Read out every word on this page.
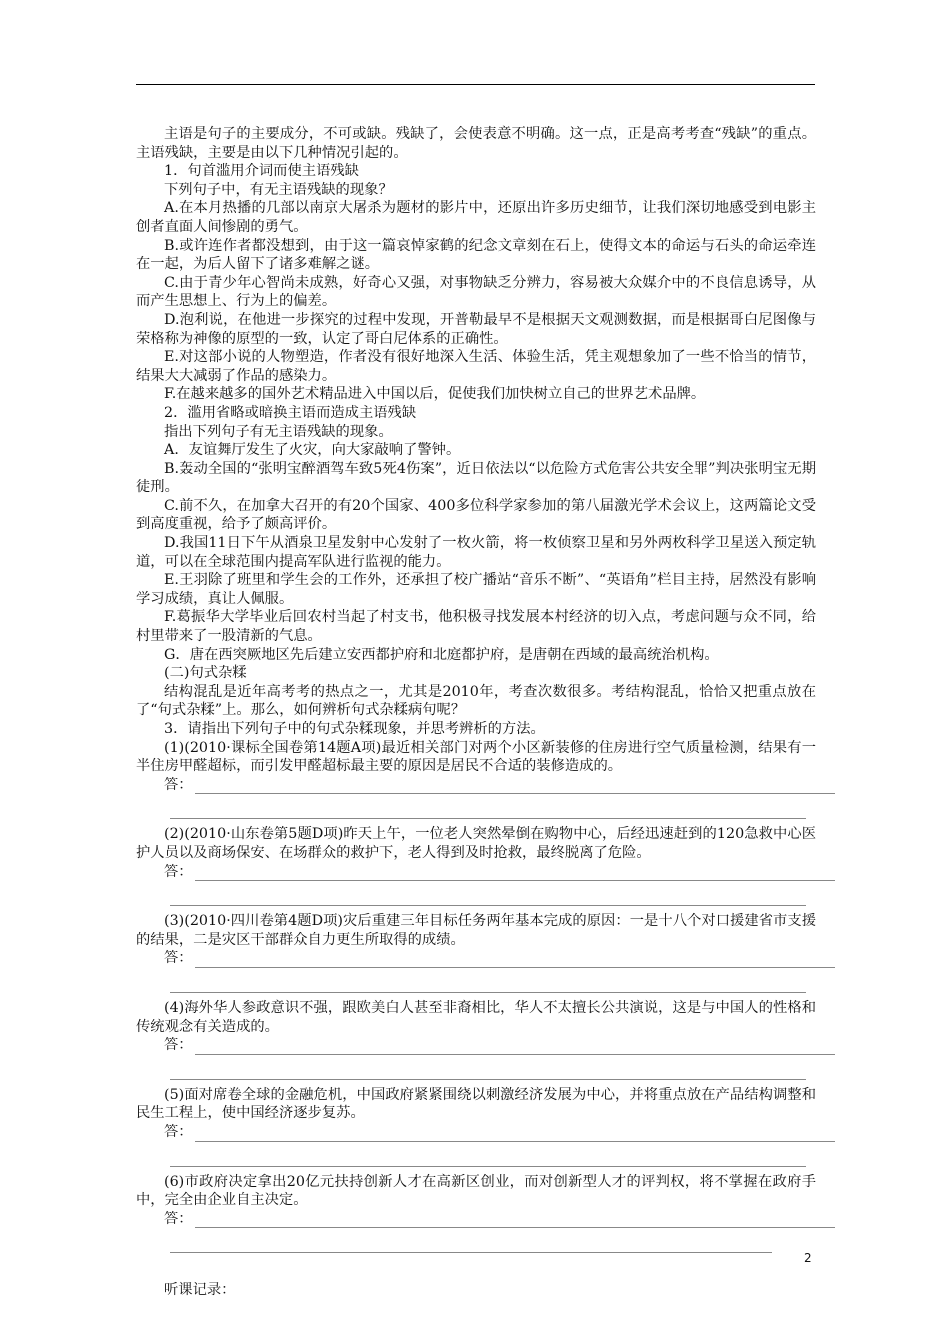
主语是句子的主要成分，不可或缺。残缺了，会使表意不明确。这一点，正是高考考查“残缺”的重点。主语残缺，主要是由以下几种情况引起的。

1．句首滥用介词而使主语残缺

下列句子中，有无主语残缺的现象？

A.在本月热播的几部以南京大屠杀为题材的影片中，还原出许多历史细节，让我们深切地感受到电影主创者直面人间惨剧的勇气。

B.或许连作者都没想到，由于这一篇哀悼家鹤的纪念文章刻在石上，使得文本的命运与石头的命运牵连在一起，为后人留下了诸多难解之谜。

C.由于青少年心智尚未成熟，好奇心又强，对事物缺乏分辨力，容易被大众媒介中的不良信息诱导，从而产生思想上、行为上的偏差。

D.泡利说，在他进一步探究的过程中发现，开普勒最早不是根据天文观测数据，而是根据哥白尼图像与荣格称为神像的原型的一致，认定了哥白尼体系的正确性。

E.对这部小说的人物塑造，作者没有很好地深入生活、体验生活，凭主观想象加了一些不恰当的情节，结果大大减弱了作品的感染力。

F.在越来越多的国外艺术精品进入中国以后，促使我们加快树立自己的世界艺术品牌。

2．滥用省略或暗换主语而造成主语残缺

指出下列句子有无主语残缺的现象。

A．友谊舞厅发生了火灾，向大家敲响了警钟。

B.轰动全国的“张明宝醉酒驾车致5死4伤案”，近日依法以“以危险方式危害公共安全罪”判决张明宝无期徒刑。

C.前不久，在加拿大召开的有20个国家、400多位科学家参加的第八届激光学术会议上，这两篇论文受到高度重视，给予了颇高评价。

D.我国11日下午从酒泉卫星发射中心发射了一枚火箭，将一枚侦察卫星和另外两枚科学卫星送入预定轨道，可以在全球范围内提高军队进行监视的能力。

E.王羽除了班里和学生会的工作外，还承担了校广播站“音乐不断”、“英语角”栏目主持，居然没有影响学习成绩，真让人佩服。

F.葛振华大学毕业后回农村当起了村支书，他积极寻找发展本村经济的切入点，考虑问题与众不同，给村里带来了一股清新的气息。

G．唐在西突厥地区先后建立安西都护府和北庭都护府，是唐朝在西域的最高统治机构。

(二)句式杂糅

结构混乱是近年高考考的热点之一，尤其是2010年，考查次数很多。考结构混乱，恰恰又把重点放在了“句式杂糅”上。那么，如何辨析句式杂糅病句呢？

3．请指出下列句子中的句式杂糅现象，并思考辨析的方法。

(1)(2010·课标全国卷第14题A项)最近相关部门对两个小区新装修的住房进行空气质量检测，结果有一半住房甲醛超标，而引发甲醛超标最主要的原因是居民不合适的装修造成的。

答：

(2)(2010·山东卷第5题D项)昨天上午，一位老人突然晕倒在购物中心，后经迅速赶到的120急救中心医护人员以及商场保安、在场群众的救护下，老人得到及时抢救，最终脱离了危险。

答：

(3)(2010·四川卷第4题D项)灾后重建三年目标任务两年基本完成的原因：一是十八个对口援建省市支援的结果，二是灾区干部群众自力更生所取得的成绩。

答：

(4)海外华人参政意识不强，跟欧美白人甚至非裔相比，华人不太擅长公共演说，这是与中国人的性格和传统观念有关造成的。

答：

(5)面对席卷全球的金融危机，中国政府紧紧围绕以刺激经济发展为中心，并将重点放在产品结构调整和民生工程上，使中国经济逐步复苏。

答：

(6)市政府决定拿出20亿元扶持创新人才在高新区创业，而对创新型人才的评判权，将不掌握在政府手中，完全由企业自主决定。

答：

听课记录：

2
